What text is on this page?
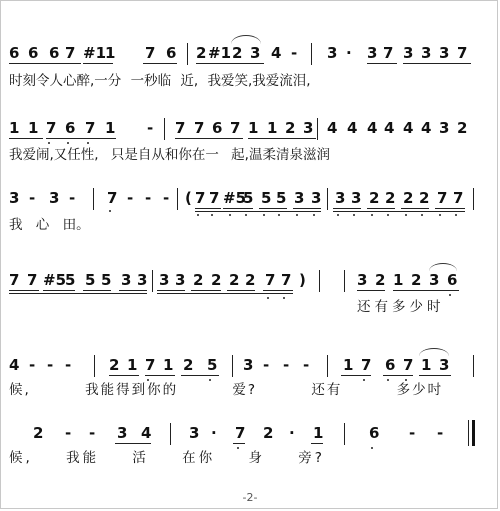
6 6 6 7 #1
1 7 6 2 #1 2 3 4 - 3 · 3 7 3 3 3 7
时刻令人心醉,一分 一秒临 近, 我爱笑,我爱流泪,
1 1 7 6 7 1 - 7 7 6 7 1 1 2 3 4 4 4 4 4 4 3 2
我爱闹,又任性, 只是自从和你在一 起,温柔清泉滋润
3 - 3 - 7 - - - ( 7 7 #5
5 5 5 3 3 3 3 2 2 2 2 7 7
我 心 田。
7 7 #5
5 5 5 3 3 3 3 2 2 2 2 7 7 )	3 2 1 2 3 6
还有多少时
4 - - -	2 1 7 1 2 5 3 - - - 1 7 6 7 1 3
候, 我能得到你的 爱? 还有 多少吋
2 - - 3 4	3 · 7 2 · 1	6 - -
候, 我能 活 在你 身 旁?
-2-
